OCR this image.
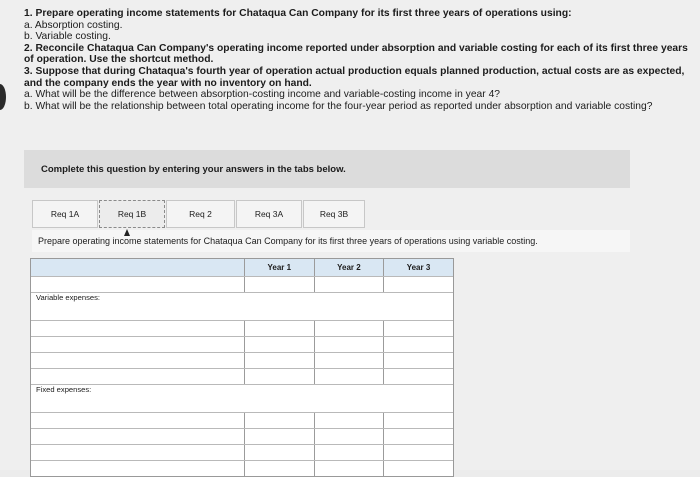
1. Prepare operating income statements for Chataqua Can Company for its first three years of operations using:

a. Absorption costing.

b. Variable costing.

2. Reconcile Chataqua Can Company's operating income reported under absorption and variable costing for each of its first three years of operation. Use the shortcut method.

3. Suppose that during Chataqua's fourth year of operation actual production equals planned production, actual costs are as expected, and the company ends the year with no inventory on hand.

a. What will be the difference between absorption-costing income and variable-costing income in year 4?

b. What will be the relationship between total operating income for the four-year period as reported under absorption and variable costing?

Complete this question by entering your answers in the tabs below.
Req 1A	Req 1B	Req 2	Req 3A	Req 3B
Prepare operating income statements for Chataqua Can Company for its first three years of operations using variable costing.
Year 1	Year 2	Year 3
Variable expenses:
Fixed expenses:
